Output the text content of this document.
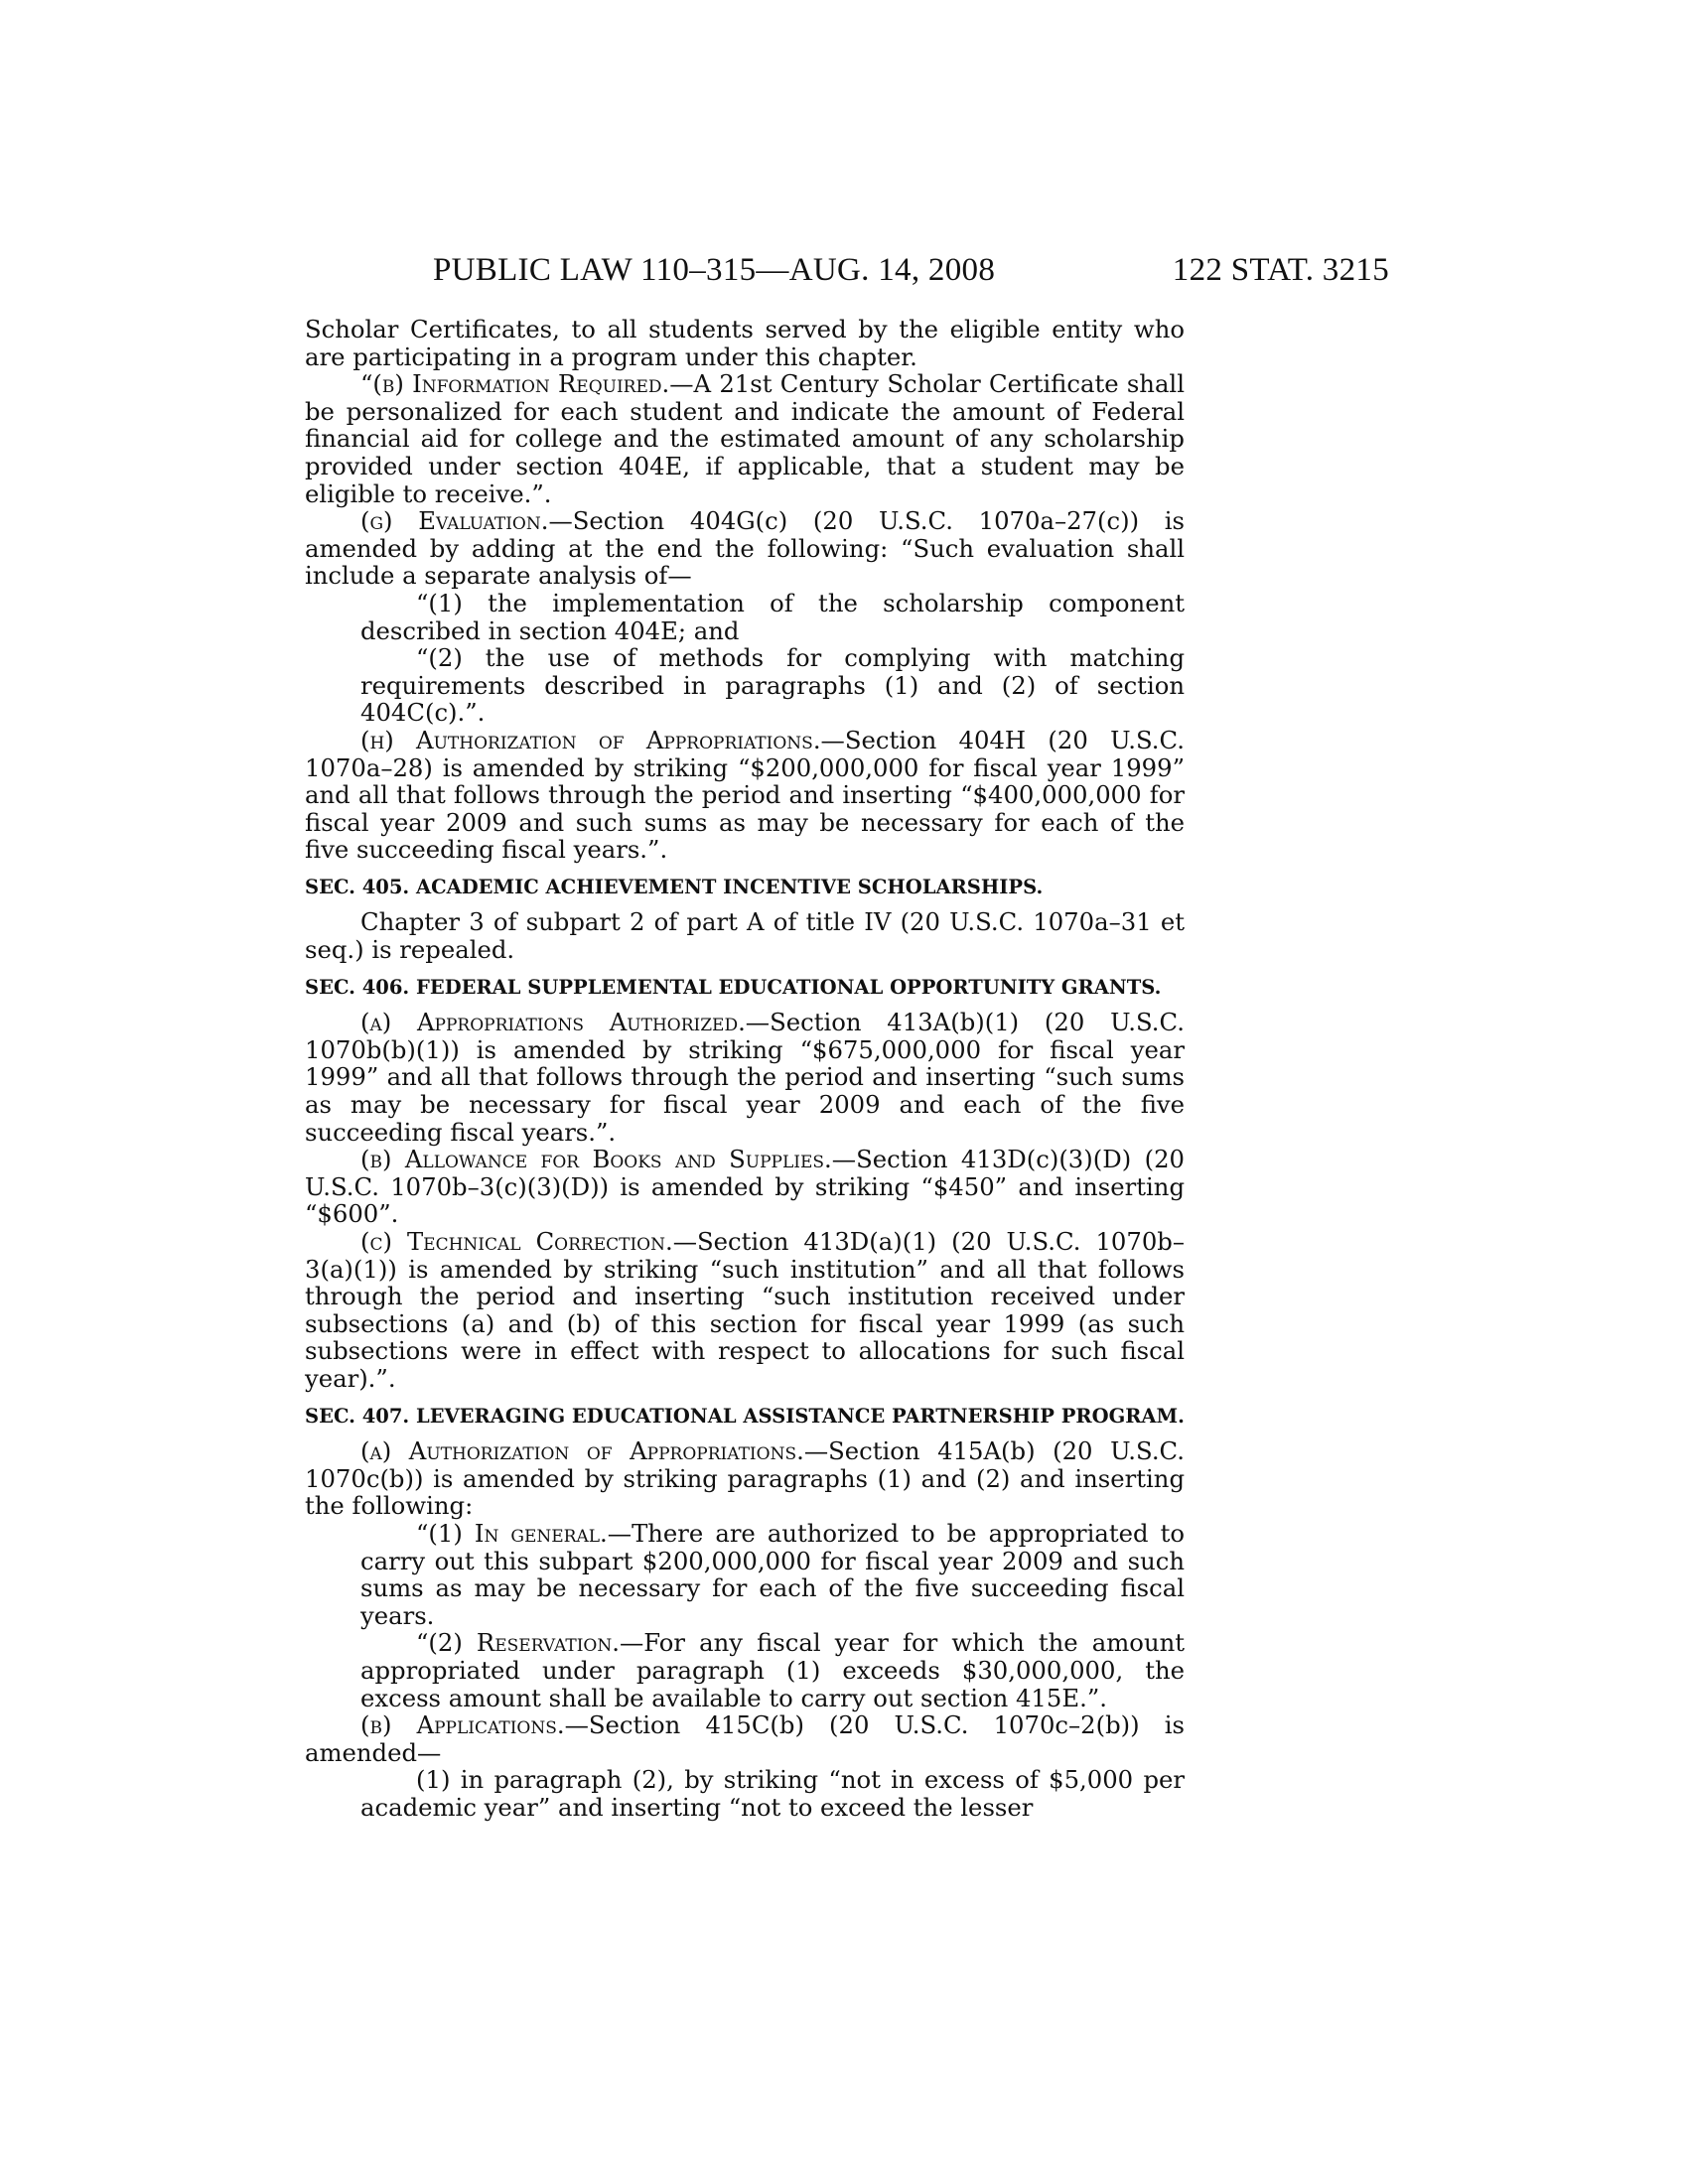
PUBLIC LAW 110–315—AUG. 14, 2008	122 STAT. 3215

Scholar Certificates, to all students served by the eligible entity who are participating in a program under this chapter.

“(b) Information Required.—A 21st Century Scholar Certificate shall be personalized for each student and indicate the amount of Federal financial aid for college and the estimated amount of any scholarship provided under section 404E, if applicable, that a student may be eligible to receive.”.

(g) Evaluation.—Section 404G(c) (20 U.S.C. 1070a–27(c)) is amended by adding at the end the following: “Such evaluation shall include a separate analysis of—

“(1) the implementation of the scholarship component described in section 404E; and

“(2) the use of methods for complying with matching requirements described in paragraphs (1) and (2) of section 404C(c).”.

(h) Authorization of Appropriations.—Section 404H (20 U.S.C. 1070a–28) is amended by striking “$200,000,000 for fiscal year 1999” and all that follows through the period and inserting “$400,000,000 for fiscal year 2009 and such sums as may be necessary for each of the five succeeding fiscal years.”.

SEC. 405. ACADEMIC ACHIEVEMENT INCENTIVE SCHOLARSHIPS.

Chapter 3 of subpart 2 of part A of title IV (20 U.S.C. 1070a–31 et seq.) is repealed.

SEC. 406. FEDERAL SUPPLEMENTAL EDUCATIONAL OPPORTUNITY GRANTS.

(a) Appropriations Authorized.—Section 413A(b)(1) (20 U.S.C. 1070b(b)(1)) is amended by striking “$675,000,000 for fiscal year 1999” and all that follows through the period and inserting “such sums as may be necessary for fiscal year 2009 and each of the five succeeding fiscal years.”.

(b) Allowance for Books and Supplies.—Section 413D(c)(3)(D) (20 U.S.C. 1070b–3(c)(3)(D)) is amended by striking “$450” and inserting “$600”.

(c) Technical Correction.—Section 413D(a)(1) (20 U.S.C. 1070b–3(a)(1)) is amended by striking “such institution” and all that follows through the period and inserting “such institution received under subsections (a) and (b) of this section for fiscal year 1999 (as such subsections were in effect with respect to allocations for such fiscal year).”.

SEC. 407. LEVERAGING EDUCATIONAL ASSISTANCE PARTNERSHIP PROGRAM.

(a) Authorization of Appropriations.—Section 415A(b) (20 U.S.C. 1070c(b)) is amended by striking paragraphs (1) and (2) and inserting the following:

“(1) In general.—There are authorized to be appropriated to carry out this subpart $200,000,000 for fiscal year 2009 and such sums as may be necessary for each of the five succeeding fiscal years.

“(2) Reservation.—For any fiscal year for which the amount appropriated under paragraph (1) exceeds $30,000,000, the excess amount shall be available to carry out section 415E.”.

(b) Applications.—Section 415C(b) (20 U.S.C. 1070c–2(b)) is amended—

(1) in paragraph (2), by striking “not in excess of $5,000 per academic year” and inserting “not to exceed the lesser
